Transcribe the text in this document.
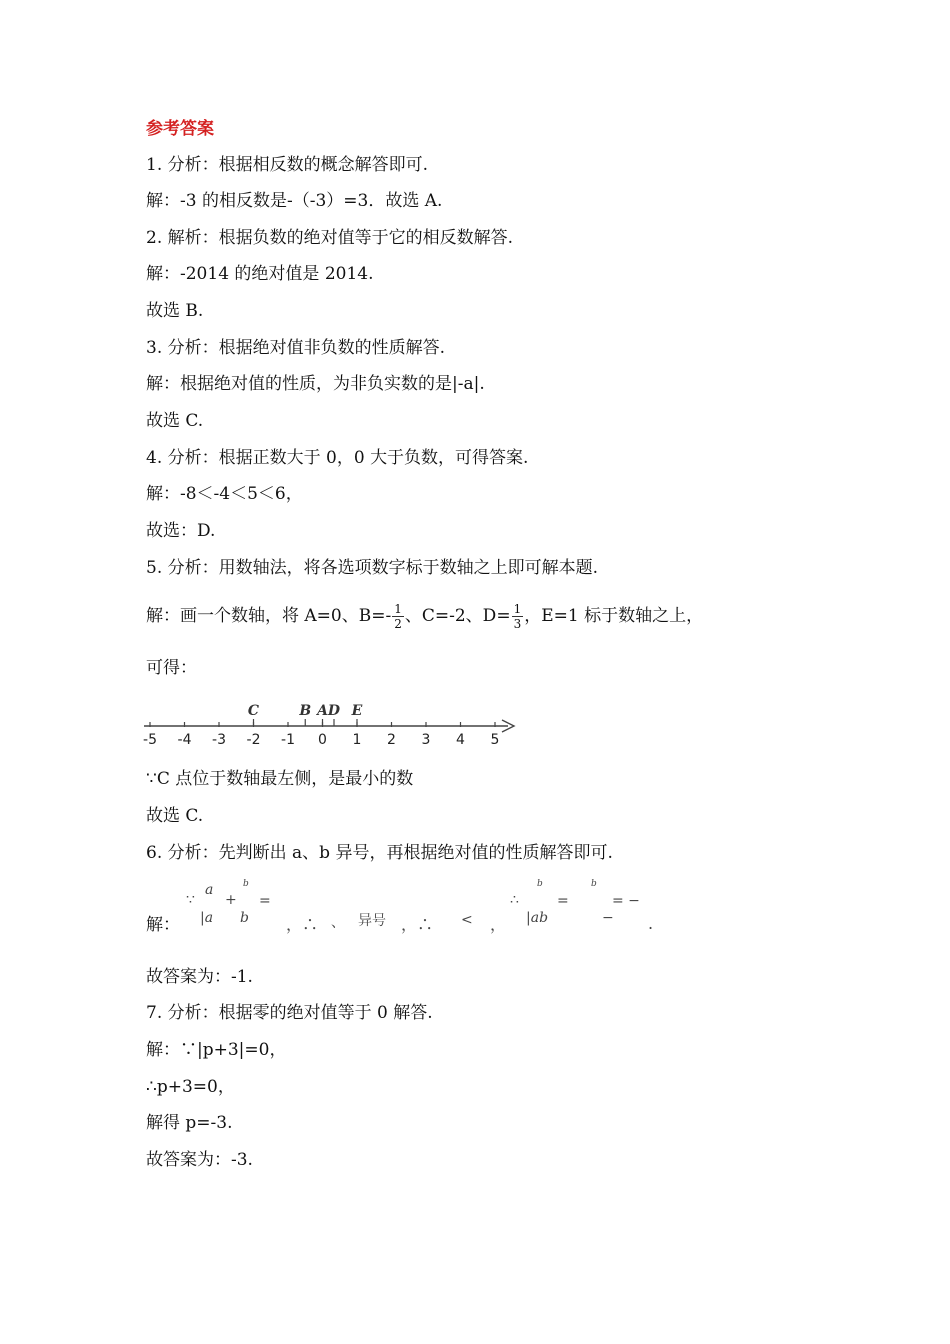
参考答案
1. 分析：根据相反数的概念解答即可.
解：-3 的相反数是-（-3）=3．故选 A.
2. 解析：根据负数的绝对值等于它的相反数解答.
解：-2014 的绝对值是 2014.
故选 B.
3. 分析：根据绝对值非负数的性质解答.
解：根据绝对值的性质，为非负实数的是|-a|.
故选 C.
4. 分析：根据正数大于 0，0 大于负数，可得答案.
解：-8＜-4＜5＜6，
故选：D.
5. 分析：用数轴法，将各选项数字标于数轴之上即可解本题.
解：画一个数轴，将 A=0、$B=- \frac{1}{2}$ 、C=-2、$D= \frac{1}{3}$ ，E=1 标于数轴之上，
可得：
-5 -4 -3 -2 -1 0 1 2 3 4 5
C	B A D E
∵C 点位于数轴最左侧，是最小的数
故选 C.
6. 分析：先判断出 a、b 异号，再根据绝对值的性质解答即可.
解：
∵
a
+
b
=
|a b ，∴ 、 异号 ，∴ < ，
∴
b
=
b
= −
|ab	− .
故答案为：-1.
7. 分析：根据零的绝对值等于 0 解答.
解：∵|p+3|=0，
∴p+3=0，
解得 p=-3.
故答案为：-3.
